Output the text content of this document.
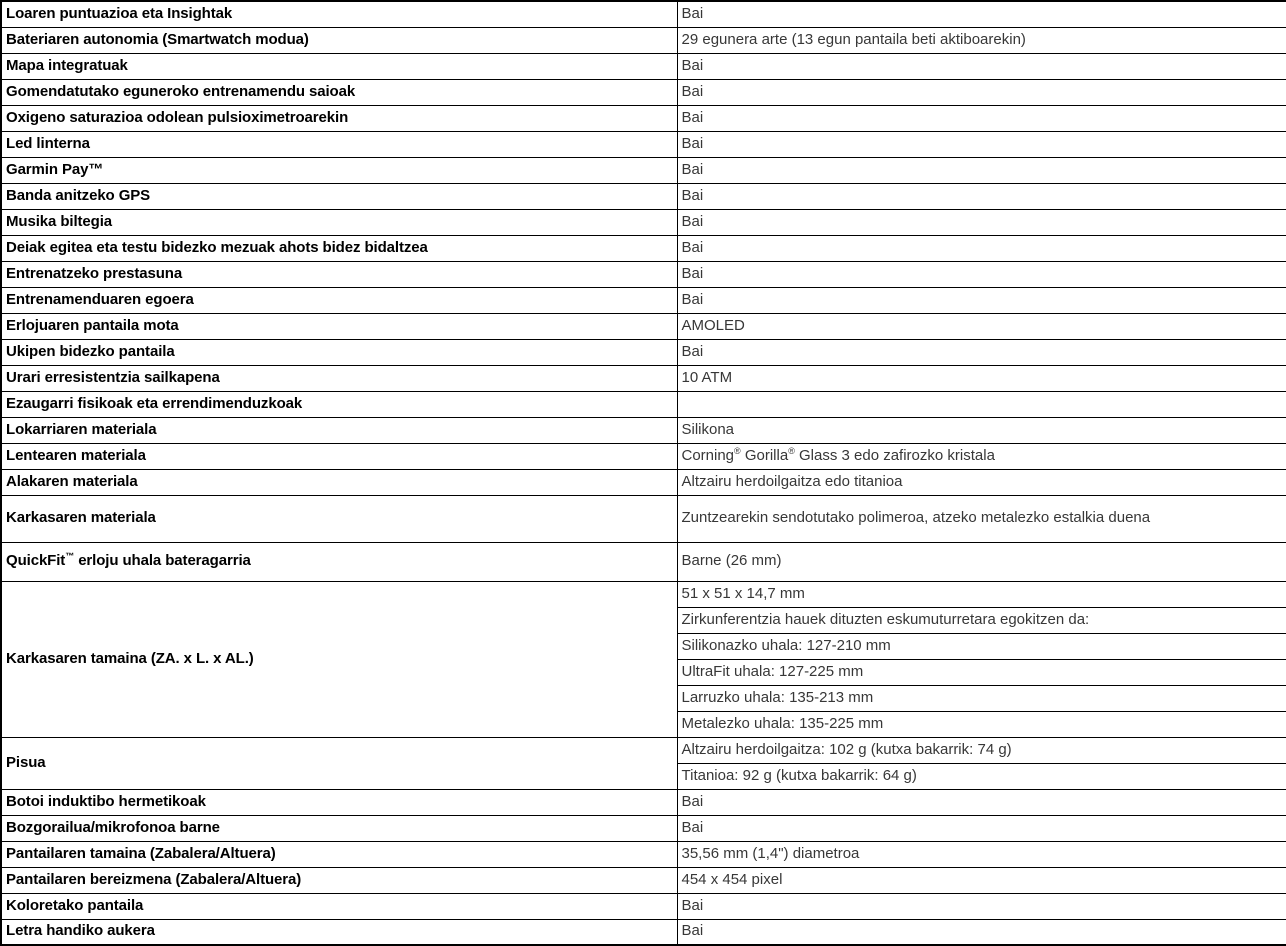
Loaren puntuazioa eta Insightak	Bai
Bateriaren autonomia (Smartwatch modua)	29 egunera arte (13 egun pantaila beti aktiboarekin)
Mapa integratuak	Bai
Gomendatutako eguneroko entrenamendu saioak	Bai
Oxigeno saturazioa odolean pulsioximetroarekin	Bai
Led linterna	Bai
Garmin Pay™	Bai
Banda anitzeko GPS	Bai
Musika biltegia	Bai
Deiak egitea eta testu bidezko mezuak ahots bidez bidaltzea	Bai
Entrenatzeko prestasuna	Bai
Entrenamenduaren egoera	Bai
Erlojuaren pantaila mota	AMOLED
Ukipen bidezko pantaila	Bai
Urari erresistentzia sailkapena	10 ATM
Ezaugarri fisikoak eta errendimenduzkoak	
Lokarriaren materiala	Silikona
Lentearen materiala	Corning® Gorilla® Glass 3 edo zafirozko kristala
Alakaren materiala	Altzairu herdoilgaitza edo titanioa
Karkasaren materiala	Zuntzearekin sendotutako polimeroa, atzeko metalezko estalkia duena
QuickFit™ erloju uhala bateragarria	Barne (26 mm)
Karkasaren tamaina (ZA. x L. x AL.)	51 x 51 x 14,7 mm
	Zirkunferentzia hauek dituzten eskumuturretara egokitzen da:
	Silikonazko uhala: 127-210 mm
	UltraFit uhala: 127-225 mm
	Larruzko uhala: 135-213 mm
	Metalezko uhala: 135-225 mm
Pisua	Altzairu herdoilgaitza: 102 g (kutxa bakarrik: 74 g)
	Titanioa: 92 g (kutxa bakarrik: 64 g)
Botoi induktibo hermetikoak	Bai
Bozgorailua/mikrofonoa barne	Bai
Pantailaren tamaina (Zabalera/Altuera)	35,56 mm (1,4") diametroa
Pantailaren bereizmena (Zabalera/Altuera)	454 x 454 pixel
Koloretako pantaila	Bai
Letra handiko aukera	Bai
